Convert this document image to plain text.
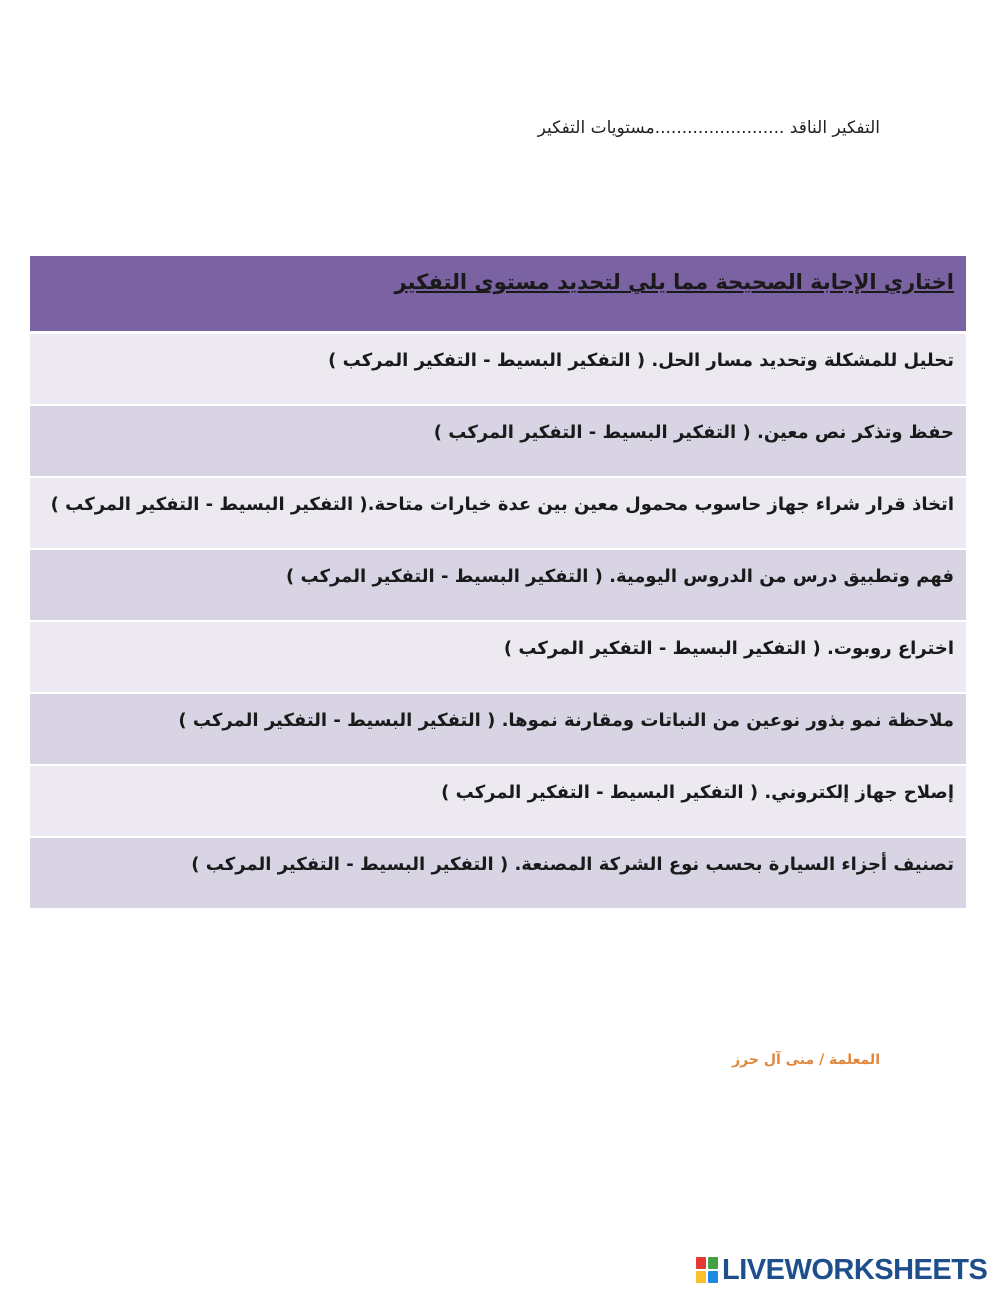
التفكير الناقد ........................مستويات التفكير
اختاري الإجابة الصحيحة مما يلي لتحديد مستوى التفكير
تحليل للمشكلة وتحديد مسار الحل. ( التفكير البسيط - التفكير المركب )
حفظ وتذكر نص معين. ( التفكير البسيط - التفكير المركب )
اتخاذ قرار شراء جهاز حاسوب محمول معين بين عدة خيارات متاحة.( التفكير البسيط - التفكير المركب )
فهم وتطبيق درس من الدروس اليومية. ( التفكير البسيط - التفكير المركب )
اختراع روبوت. ( التفكير البسيط - التفكير المركب )
ملاحظة نمو بذور نوعين من النباتات ومقارنة نموها. ( التفكير البسيط - التفكير المركب )
إصلاح جهاز إلكتروني. ( التفكير البسيط - التفكير المركب )
تصنيف أجزاء السيارة بحسب نوع الشركة المصنعة. ( التفكير البسيط - التفكير المركب )
المعلمة / منى آل حرز
LIVEWORKSHEETS
